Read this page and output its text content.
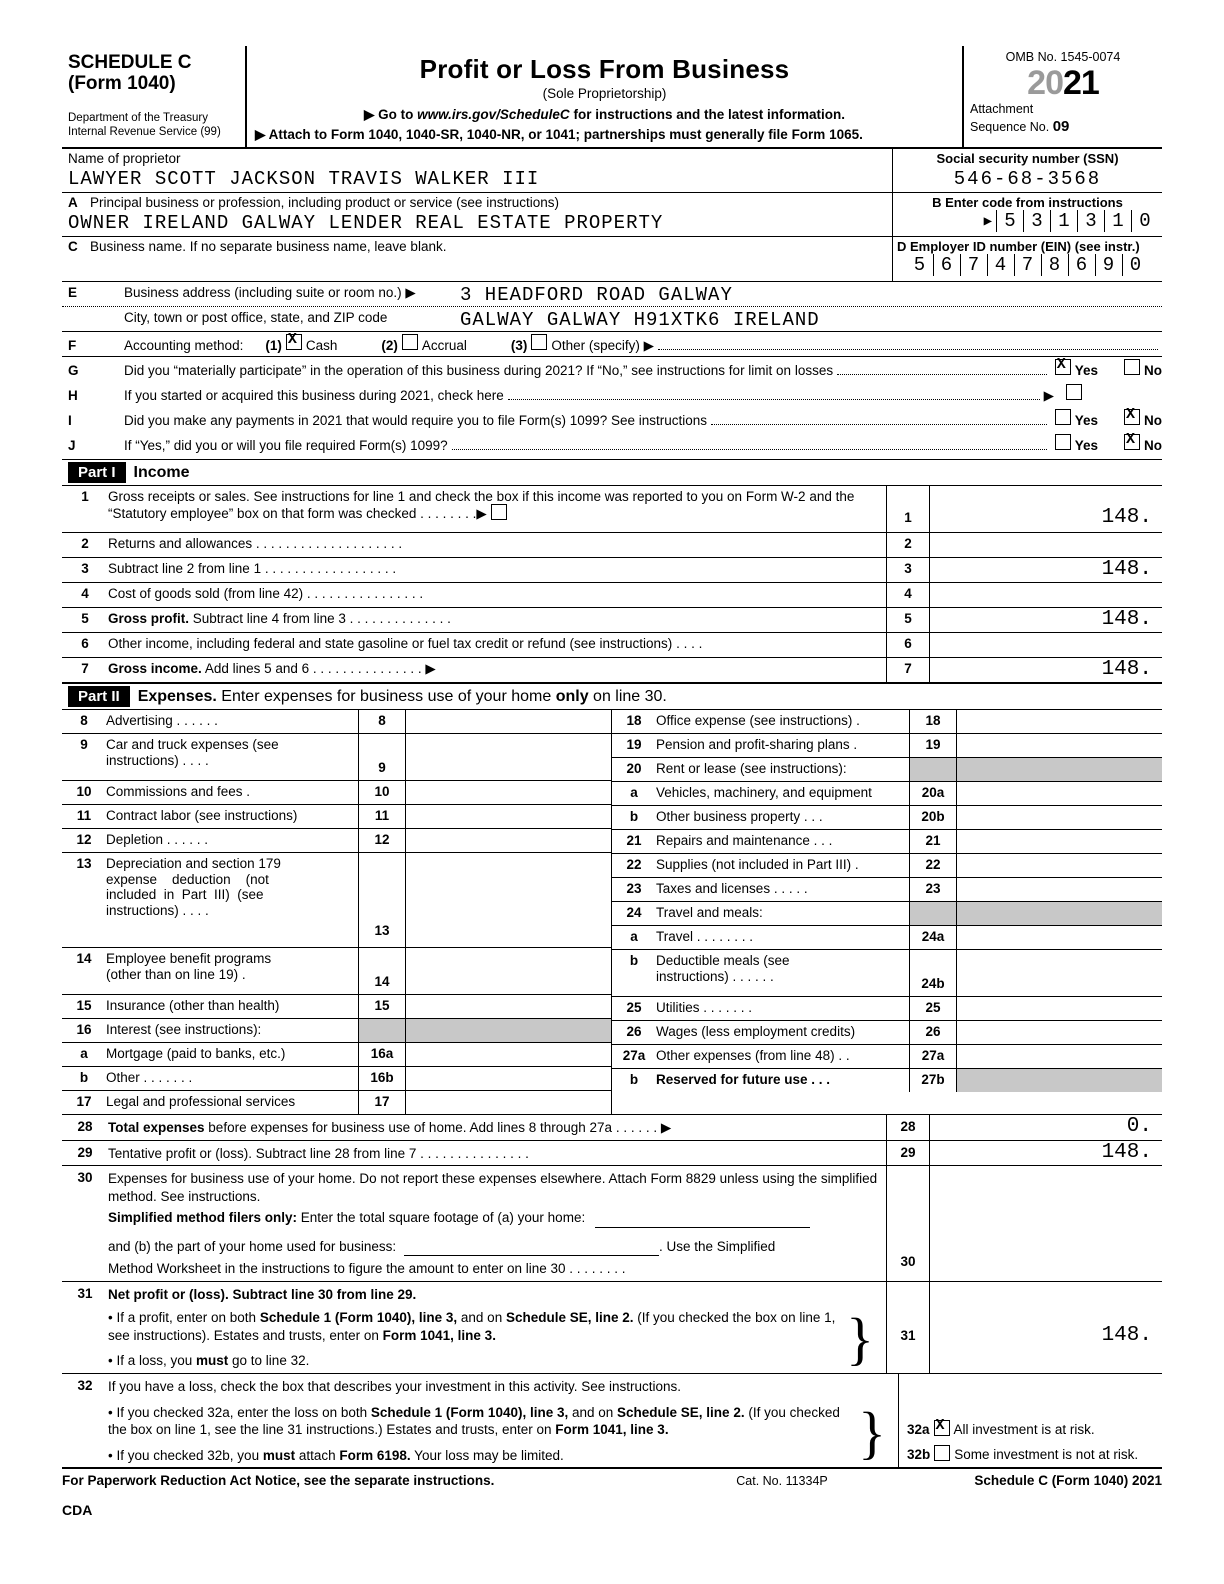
SCHEDULE C
(Form 1040)
Department of the Treasury
Internal Revenue Service (99)
Profit or Loss From Business
(Sole Proprietorship)
▶ Go to www.irs.gov/ScheduleC for instructions and the latest information.
▶ Attach to Form 1040, 1040-SR, 1040-NR, or 1041; partnerships must generally file Form 1065.
OMB No. 1545-0074
2021
Attachment
Sequence No. 09
Name of proprietor
LAWYER SCOTT JACKSON TRAVIS WALKER III
Social security number (SSN)
546-68-3568
A Principal business or profession, including product or service (see instructions)
OWNER IRELAND GALWAY LENDER REAL ESTATE PROPERTY
B Enter code from instructions
▶ 5 3 1 3 1 0
C Business name. If no separate business name, leave blank.	D Employer ID number (EIN) (see instr.)
5 6 7 4 7 8 6 9 0
E	Business address (including suite or room no.) ▶	3 HEADFORD ROAD GALWAY
City, town or post office, state, and ZIP code	GALWAY GALWAY H91XTK6 IRELAND
F	Accounting method:	(1) X Cash	(2) Accrual	(3) Other (specify) ▶
G	Did you “materially participate” in the operation of this business during 2021? If “No,” see instructions for limit on losses X	Yes	No
H	If you started or acquired this business during 2021, check here	▶
I	Did you make any payments in 2021 that would require you to file Form(s) 1099? See instructions	Yes X	No
J	If “Yes,” did you or will you file required Form(s) 1099?	Yes X	No
Part I	Income
1	Gross receipts or sales. See instructions for line 1 and check the box if this income was reported to you on Form W-2 and the “Statutory employee” box on that form was checked . . . . . . . .▶	1	148.
2	Returns and allowances . . . . . . . . . . . . . . . . . . . .	2
3	Subtract line 2 from line 1 . . . . . . . . . . . . . . . . . .	3	148.
4	Cost of goods sold (from line 42) . . . . . . . . . . . . . . . .	4
5	Gross profit. Subtract line 4 from line 3 . . . . . . . . . . . . . .	5	148.
6	Other income, including federal and state gasoline or fuel tax credit or refund (see instructions) . . . .	6
7	Gross income. Add lines 5 and 6 . . . . . . . . . . . . . . . ▶	7	148.
Part II	Expenses. Enter expenses for business use of your home only on line 30.
8	Advertising . . . . . .	8
9	Car and truck expenses (see
instructions) . . . .	9
10	Commissions and fees .	10
11	Contract labor (see instructions)	11
12	Depletion . . . . . .	12
13	Depreciation and section 179
expense    deduction    (not
included  in  Part  III)  (see
instructions) . . . .
13
14	Employee benefit programs
(other than on line 19) .	14
15	Insurance (other than health)	15
16	Interest (see instructions):
a	Mortgage (paid to banks, etc.)	16a
b	Other . . . . . . .	16b
17	Legal and professional services	17
18	Office expense (see instructions) .	18
19	Pension and profit-sharing plans .	19
20	Rent or lease (see instructions):
a	Vehicles, machinery, and equipment	20a
b	Other business property . . .	20b
21	Repairs and maintenance . . .	21
22	Supplies (not included in Part III) .	22
23	Taxes and licenses . . . . .	23
24	Travel and meals:
a	Travel . . . . . . . .	24a
b	Deductible meals (see
instructions) . . . . . .	24b
25	Utilities . . . . . . .	25
26	Wages (less employment credits)	26
27a Other expenses (from line 48) . .	27a
b	Reserved for future use . . .	27b
28	Total expenses before expenses for business use of home. Add lines 8 through 27a . . . . . . ▶	28	0.
29	Tentative profit or (loss). Subtract line 28 from line 7 . . . . . . . . . . . . . . .	29	148.
30	Expenses for business use of your home. Do not report these expenses elsewhere. Attach Form 8829 unless using the simplified method. See instructions.
Simplified method filers only: Enter the total square footage of (a) your home:
and (b) the part of your home used for business:	. Use the Simplified
Method Worksheet in the instructions to figure the amount to enter on line 30 . . . . . . . .	30
31	Net profit or (loss). Subtract line 30 from line 29.
• If a profit, enter on both Schedule 1 (Form 1040), line 3, and on Schedule SE, line 2. (If you checked the box on line 1, see instructions). Estates and trusts, enter on Form 1041, line 3.
• If a loss, you must go to line 32.	}	31	148.
32	If you have a loss, check the box that describes your investment in this activity. See instructions.
• If you checked 32a, enter the loss on both Schedule 1 (Form 1040), line 3, and on Schedule SE, line 2. (If you checked the box on line 1, see the line 31 instructions.) Estates and trusts, enter on Form 1041, line 3.
• If you checked 32b, you must attach Form 6198. Your loss may be limited.	}	32a X All investment is at risk.
32b Some investment is not at risk.
For Paperwork Reduction Act Notice, see the separate instructions.	Cat. No. 11334P	Schedule C (Form 1040) 2021
CDA
